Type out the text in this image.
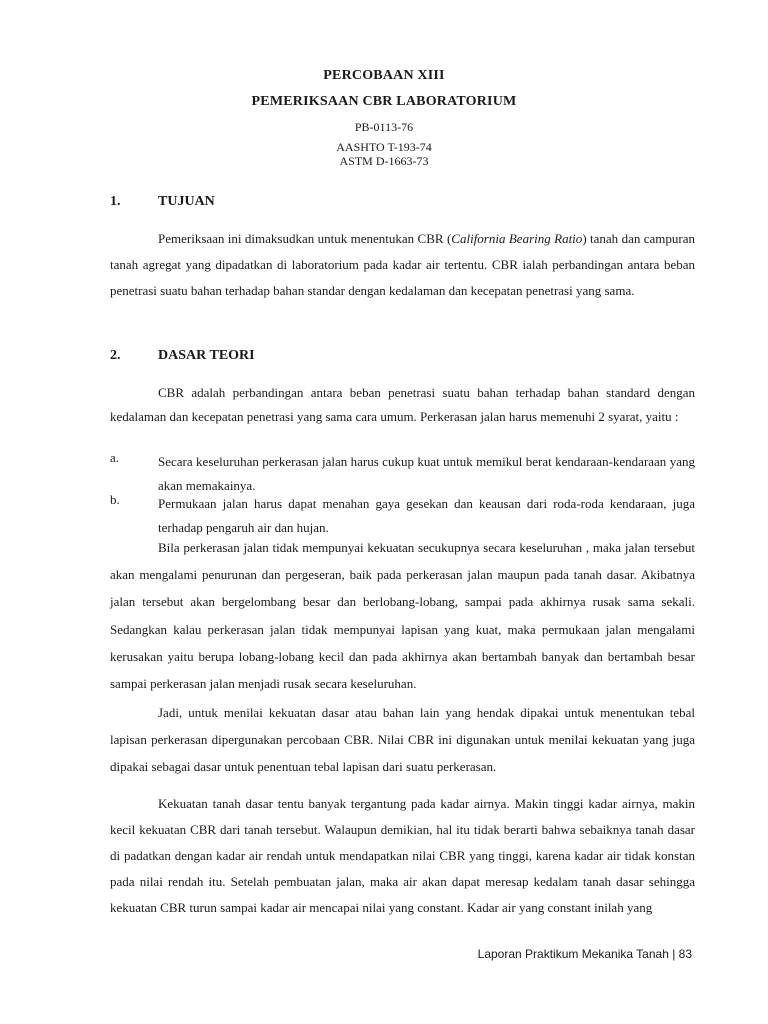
PERCOBAAN XIII
PEMERIKSAAN CBR LABORATORIUM
PB-0113-76
AASHTO T-193-74
ASTM D-1663-73
1.	TUJUAN
Pemeriksaan ini dimaksudkan untuk menentukan CBR (California Bearing Ratio) tanah dan campuran tanah agregat yang dipadatkan di laboratorium pada kadar air tertentu. CBR ialah perbandingan antara beban penetrasi suatu bahan terhadap bahan standar dengan kedalaman dan kecepatan penetrasi yang sama.
2.	DASAR TEORI
CBR adalah perbandingan antara beban penetrasi suatu bahan terhadap bahan standard dengan kedalaman dan kecepatan penetrasi yang sama cara umum. Perkerasan jalan harus memenuhi 2 syarat, yaitu :
a.	Secara keseluruhan perkerasan jalan harus cukup kuat untuk memikul berat kendaraan-kendaraan yang akan memakainya.
b.	Permukaan jalan harus dapat menahan gaya gesekan dan keausan dari roda-roda kendaraan, juga terhadap pengaruh air dan hujan.
Bila perkerasan jalan tidak mempunyai kekuatan secukupnya secara keseluruhan , maka jalan tersebut akan mengalami penurunan dan pergeseran, baik pada perkerasan jalan maupun pada tanah dasar. Akibatnya jalan tersebut akan bergelombang besar dan berlobang-lobang, sampai pada akhirnya rusak sama sekali. Sedangkan kalau perkerasan jalan tidak mempunyai lapisan yang kuat, maka permukaan jalan mengalami kerusakan yaitu berupa lobang-lobang kecil dan pada akhirnya akan bertambah banyak dan bertambah besar sampai perkerasan jalan menjadi rusak secara keseluruhan.
Jadi, untuk menilai kekuatan dasar atau bahan lain yang hendak dipakai untuk menentukan tebal lapisan perkerasan dipergunakan percobaan CBR. Nilai CBR ini digunakan untuk menilai kekuatan yang juga dipakai sebagai dasar untuk penentuan tebal lapisan dari suatu perkerasan.
Kekuatan tanah dasar tentu banyak tergantung pada kadar airnya. Makin tinggi kadar airnya, makin kecil kekuatan CBR dari tanah tersebut. Walaupun demikian, hal itu tidak berarti bahwa sebaiknya tanah dasar di padatkan dengan kadar air rendah untuk mendapatkan nilai CBR yang tinggi, karena kadar air tidak konstan pada nilai rendah itu. Setelah pembuatan jalan, maka air akan dapat meresap kedalam tanah dasar sehingga kekuatan CBR turun sampai kadar air mencapai nilai yang constant. Kadar air yang constant inilah yang
Laporan Praktikum Mekanika Tanah | 83
